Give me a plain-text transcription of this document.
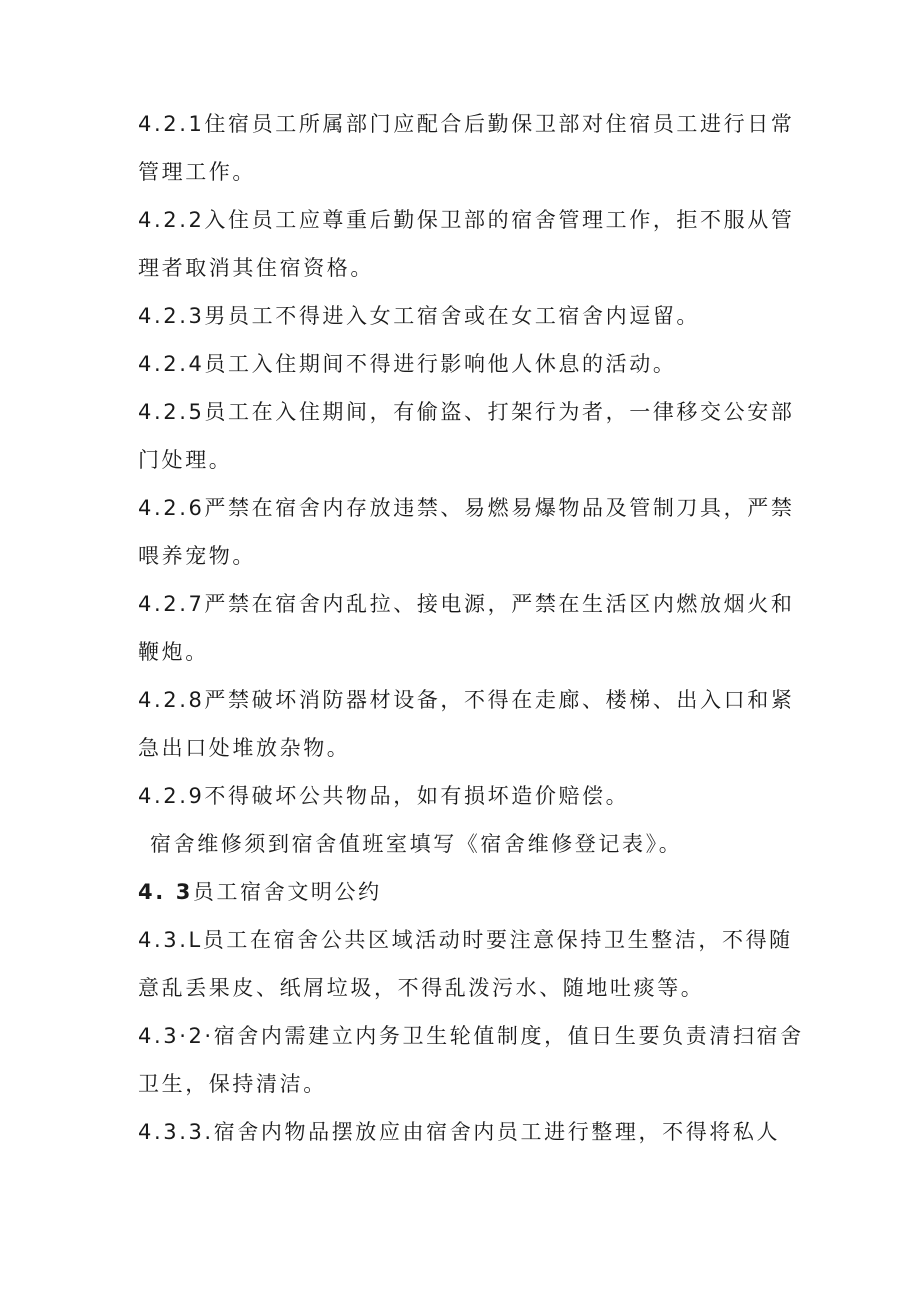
4.2.1住宿员工所属部门应配合后勤保卫部对住宿员工进行日常
管理工作。
4.2.2入住员工应尊重后勤保卫部的宿舍管理工作，拒不服从管
理者取消其住宿资格。
4.2.3男员工不得进入女工宿舍或在女工宿舍内逗留。
4.2.4员工入住期间不得进行影响他人休息的活动。
4.2.5员工在入住期间，有偷盗、打架行为者，一律移交公安部
门处理。
4.2.6严禁在宿舍内存放违禁、易燃易爆物品及管制刀具，严禁
喂养宠物。
4.2.7严禁在宿舍内乱拉、接电源，严禁在生活区内燃放烟火和
鞭炮。
4.2.8严禁破坏消防器材设备，不得在走廊、楼梯、出入口和紧
急出口处堆放杂物。
4.2.9不得破坏公共物品，如有损坏造价赔偿。
宿舍维修须到宿舍值班室填写《宿舍维修登记表》。
4. 3员工宿舍文明公约
4.3.L员工在宿舍公共区域活动时要注意保持卫生整洁，不得随
意乱丢果皮、纸屑垃圾，不得乱泼污水、随地吐痰等。
4.3·2·宿舍内需建立内务卫生轮值制度，值日生要负责清扫宿舍
卫生，保持清洁。
4.3.3.宿舍内物品摆放应由宿舍内员工进行整理，不得将私人
